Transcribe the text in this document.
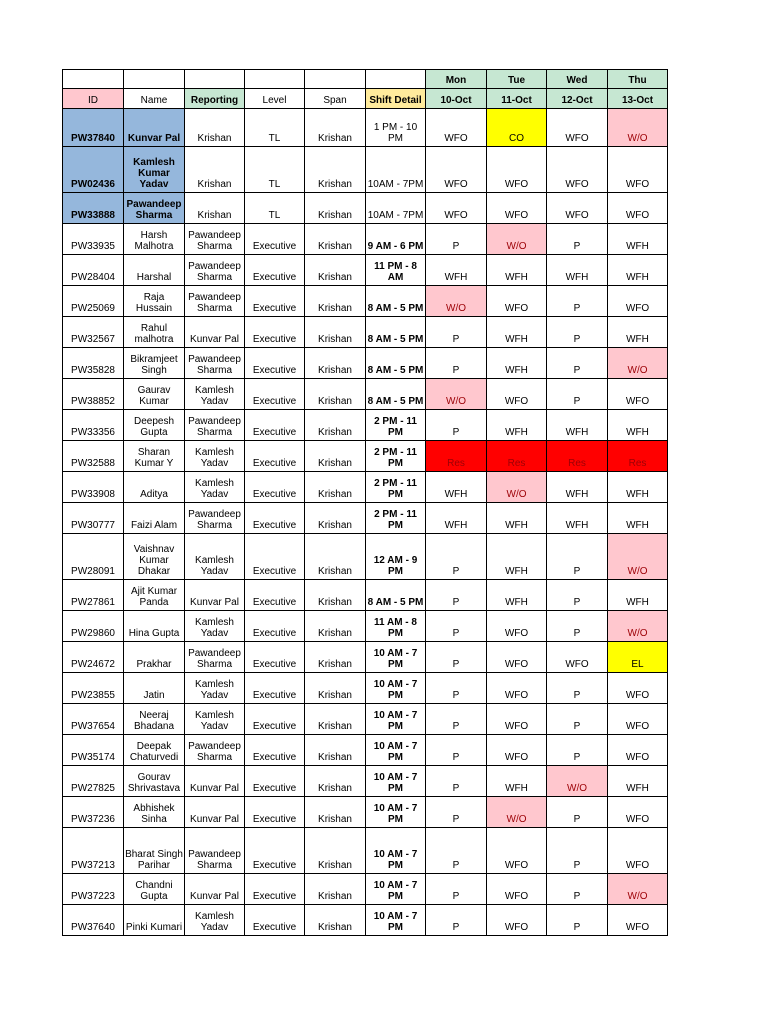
						Mon	Tue	Wed	Thu
ID	Name	Reporting	Level	Span	Shift Detail	10-Oct	11-Oct	12-Oct	13-Oct
PW37840	Kunvar Pal	Krishan	TL	Krishan	1 PM - 10 PM	WFO	CO	WFO	W/O
PW02436	Kamlesh Kumar Yadav	Krishan	TL	Krishan	10AM - 7PM	WFO	WFO	WFO	WFO
PW33888	Pawandeep Sharma	Krishan	TL	Krishan	10AM - 7PM	WFO	WFO	WFO	WFO
PW33935	Harsh Malhotra	Pawandeep Sharma	Executive	Krishan	9 AM - 6 PM	P	W/O	P	WFH
PW28404	Harshal	Pawandeep Sharma	Executive	Krishan	11 PM - 8 AM	WFH	WFH	WFH	WFH
PW25069	Raja Hussain	Pawandeep Sharma	Executive	Krishan	8 AM - 5 PM	W/O	WFO	P	WFO
PW32567	Rahul malhotra	Kunvar Pal	Executive	Krishan	8 AM - 5 PM	P	WFH	P	WFH
PW35828	Bikramjeet Singh	Pawandeep Sharma	Executive	Krishan	8 AM - 5 PM	P	WFH	P	W/O
PW38852	Gaurav Kumar	Kamlesh Yadav	Executive	Krishan	8 AM - 5 PM	W/O	WFO	P	WFO
PW33356	Deepesh Gupta	Pawandeep Sharma	Executive	Krishan	2 PM - 11 PM	P	WFH	WFH	WFH
PW32588	Sharan Kumar Y	Kamlesh Yadav	Executive	Krishan	2 PM - 11 PM	Res	Res	Res	Res
PW33908	Aditya	Kamlesh Yadav	Executive	Krishan	2 PM - 11 PM	WFH	W/O	WFH	WFH
PW30777	Faizi Alam	Pawandeep Sharma	Executive	Krishan	2 PM - 11 PM	WFH	WFH	WFH	WFH
PW28091	Vaishnav Kumar Dhakar	Kamlesh Yadav	Executive	Krishan	12 AM - 9 PM	P	WFH	P	W/O
PW27861	Ajit Kumar Panda	Kunvar Pal	Executive	Krishan	8 AM - 5 PM	P	WFH	P	WFH
PW29860	Hina Gupta	Kamlesh Yadav	Executive	Krishan	11 AM - 8 PM	P	WFO	P	W/O
PW24672	Prakhar	Pawandeep Sharma	Executive	Krishan	10 AM - 7 PM	P	WFO	WFO	EL
PW23855	Jatin	Kamlesh Yadav	Executive	Krishan	10 AM - 7 PM	P	WFO	P	WFO
PW37654	Neeraj Bhadana	Kamlesh Yadav	Executive	Krishan	10 AM - 7 PM	P	WFO	P	WFO
PW35174	Deepak Chaturvedi	Pawandeep Sharma	Executive	Krishan	10 AM - 7 PM	P	WFO	P	WFO
PW27825	Gourav Shrivastava	Kunvar Pal	Executive	Krishan	10 AM - 7 PM	P	WFH	W/O	WFH
PW37236	Abhishek Sinha	Kunvar Pal	Executive	Krishan	10 AM - 7 PM	P	W/O	P	WFO
PW37213	Bharat Singh Parihar	Pawandeep Sharma	Executive	Krishan	10 AM - 7 PM	P	WFO	P	WFO
PW37223	Chandni Gupta	Kunvar Pal	Executive	Krishan	10 AM - 7 PM	P	WFO	P	W/O
PW37640	Pinki Kumari	Kamlesh Yadav	Executive	Krishan	10 AM - 7 PM	P	WFO	P	WFO
